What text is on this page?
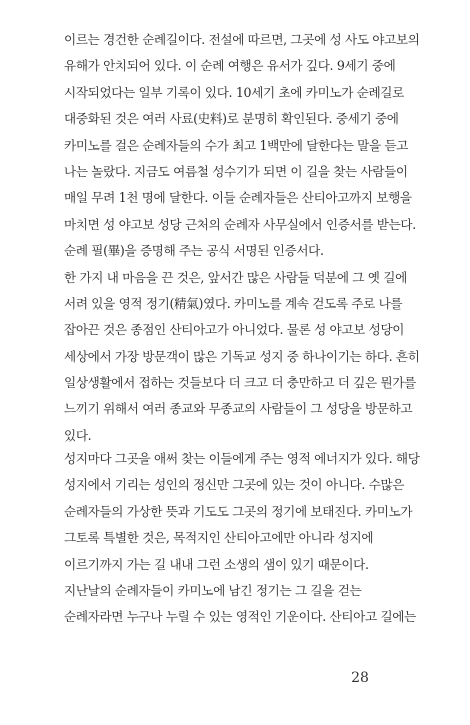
이르는 경건한 순례길이다. 전설에 따르면, 그곳에 성 사도 야고보의
유해가 안치되어 있다. 이 순례 여행은 유서가 깊다. 9세기 중에
시작되었다는 일부 기록이 있다. 10세기 초에 카미노가 순례길로
대중화된 것은 여러 사료(史料)로 분명히 확인된다. 중세기 중에
카미노를 걸은 순례자들의 수가 최고 1백만에 달한다는 말을 듣고
나는 놀랐다. 지금도 여름철 성수기가 되면 이 길을 찾는 사람들이
매일 무려 1천 명에 달한다. 이들 순례자들은 산티아고까지 보행을
마치면 성 야고보 성당 근처의 순례자 사무실에서 인증서를 받는다.
순례 필(畢)을 증명해 주는 공식 서명된 인증서다.
한 가지 내 마음을 끈 것은, 앞서간 많은 사람들 덕분에 그 옛 길에
서려 있을 영적 정기(精氣)였다. 카미노를 계속 걷도록 주로 나를
잡아끈 것은 종점인 산티아고가 아니었다. 물론 성 야고보 성당이
세상에서 가장 방문객이 많은 기독교 성지 중 하나이기는 하다. 흔히
일상생활에서 접하는 것들보다 더 크고 더 충만하고 더 깊은 뭔가를
느끼기 위해서 여러 종교와 무종교의 사람들이 그 성당을 방문하고
있다.
성지마다 그곳을 애써 찾는 이들에게 주는 영적 에너지가 있다. 해당
성지에서 기리는 성인의 정신만 그곳에 있는 것이 아니다. 수많은
순례자들의 가상한 뜻과 기도도 그곳의 정기에 보태진다. 카미노가
그토록 특별한 것은, 목적지인 산티아고에만 아니라 성지에
이르기까지 가는 길 내내 그런 소생의 샘이 있기 때문이다.
지난날의 순례자들이 카미노에 남긴 정기는 그 길을 걷는
순례자라면 누구나 누릴 수 있는 영적인 기운이다. 산티아고 길에는
28
